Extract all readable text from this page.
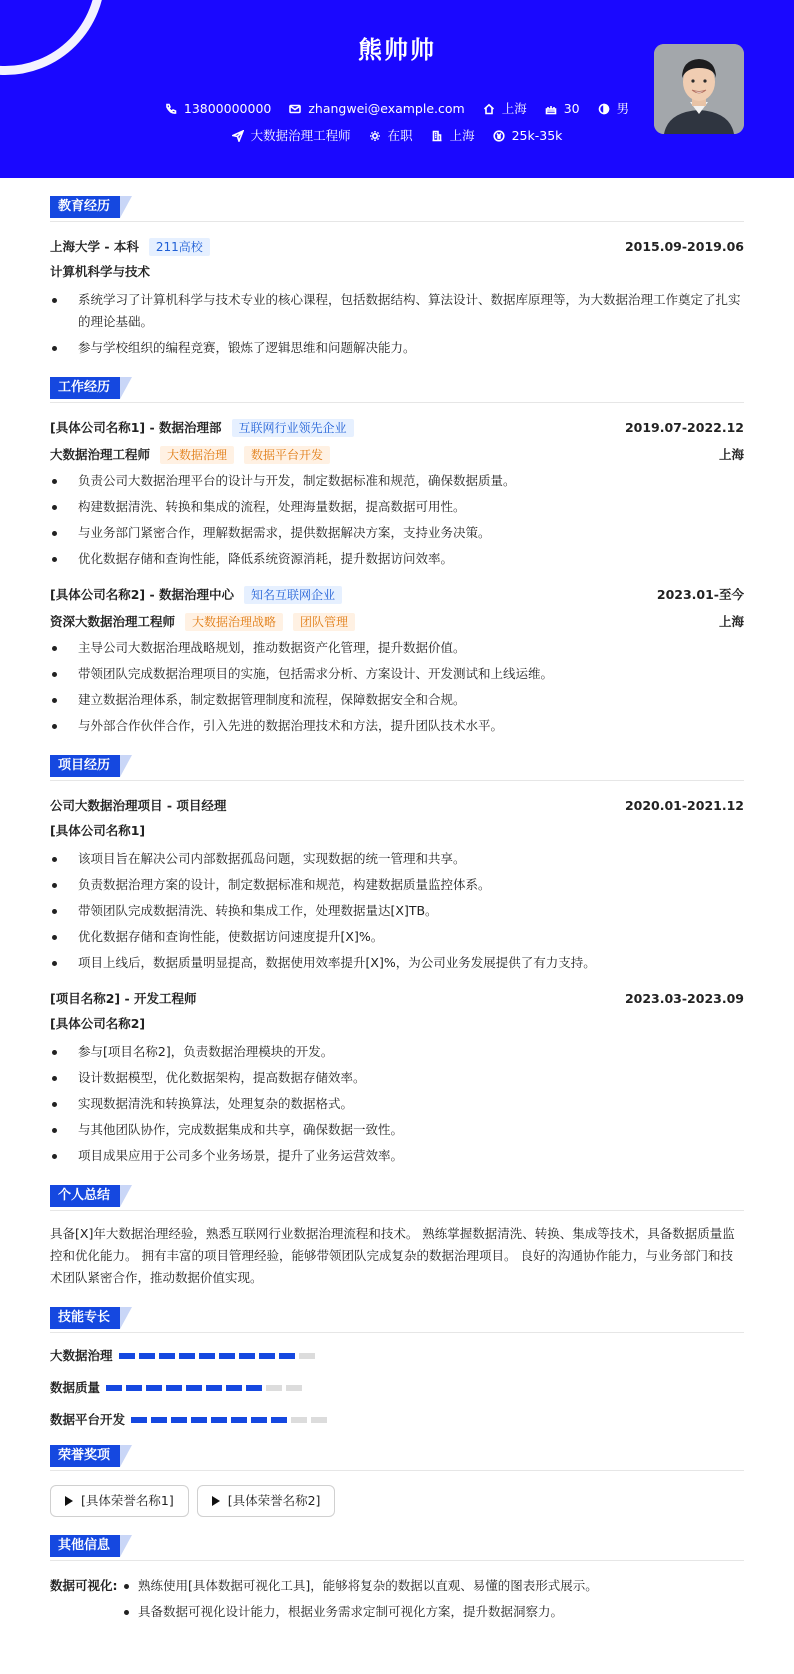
熊帅帅
13800000000
	zhangwei@example.com
	上海
	30
	男
大数据治理工程师
	在职
	上海
	25k-35k
教育经历
上海大学 - 本科	211高校	2015.09-2019.06
计算机科学与技术
系统学习了计算机科学与技术专业的核心课程，包括数据结构、算法设计、数据库原理等，为大数据治理工作奠定了扎实的理论基础。
参与学校组织的编程竞赛，锻炼了逻辑思维和问题解决能力。
工作经历
[具体公司名称1] - 数据治理部	互联网行业领先企业	2019.07-2022.12
大数据治理工程师	大数据治理	数据平台开发	上海
负责公司大数据治理平台的设计与开发，制定数据标准和规范，确保数据质量。
构建数据清洗、转换和集成的流程，处理海量数据，提高数据可用性。
与业务部门紧密合作，理解数据需求，提供数据解决方案，支持业务决策。
优化数据存储和查询性能，降低系统资源消耗，提升数据访问效率。
[具体公司名称2] - 数据治理中心	知名互联网企业	2023.01-至今
资深大数据治理工程师	大数据治理战略	团队管理	上海
主导公司大数据治理战略规划，推动数据资产化管理，提升数据价值。
带领团队完成数据治理项目的实施，包括需求分析、方案设计、开发测试和上线运维。
建立数据治理体系，制定数据管理制度和流程，保障数据安全和合规。
与外部合作伙伴合作，引入先进的数据治理技术和方法，提升团队技术水平。
项目经历
公司大数据治理项目 - 项目经理	2020.01-2021.12
[具体公司名称1]
该项目旨在解决公司内部数据孤岛问题，实现数据的统一管理和共享。
负责数据治理方案的设计，制定数据标准和规范，构建数据质量监控体系。
带领团队完成数据清洗、转换和集成工作，处理数据量达[X]TB。
优化数据存储和查询性能，使数据访问速度提升[X]%。
项目上线后，数据质量明显提高，数据使用效率提升[X]%，为公司业务发展提供了有力支持。
[项目名称2] - 开发工程师	2023.03-2023.09
[具体公司名称2]
参与[项目名称2]，负责数据治理模块的开发。
设计数据模型，优化数据架构，提高数据存储效率。
实现数据清洗和转换算法，处理复杂的数据格式。
与其他团队协作，完成数据集成和共享，确保数据一致性。
项目成果应用于公司多个业务场景，提升了业务运营效率。
个人总结
具备[X]年大数据治理经验，熟悉互联网行业数据治理流程和技术。 熟练掌握数据清洗、转换、集成等技术，具备数据质量监控和优化能力。 拥有丰富的项目管理经验，能够带领团队完成复杂的数据治理项目。 良好的沟通协作能力，与业务部门和技术团队紧密合作，推动数据价值实现。
技能专长
大数据治理
数据质量
数据平台开发
荣誉奖项
[具体荣誉名称1]	[具体荣誉名称2]
其他信息
数据可视化:	熟练使用[具体数据可视化工具]，能够将复杂的数据以直观、易懂的图表形式展示。
具备数据可视化设计能力，根据业务需求定制可视化方案，提升数据洞察力。
